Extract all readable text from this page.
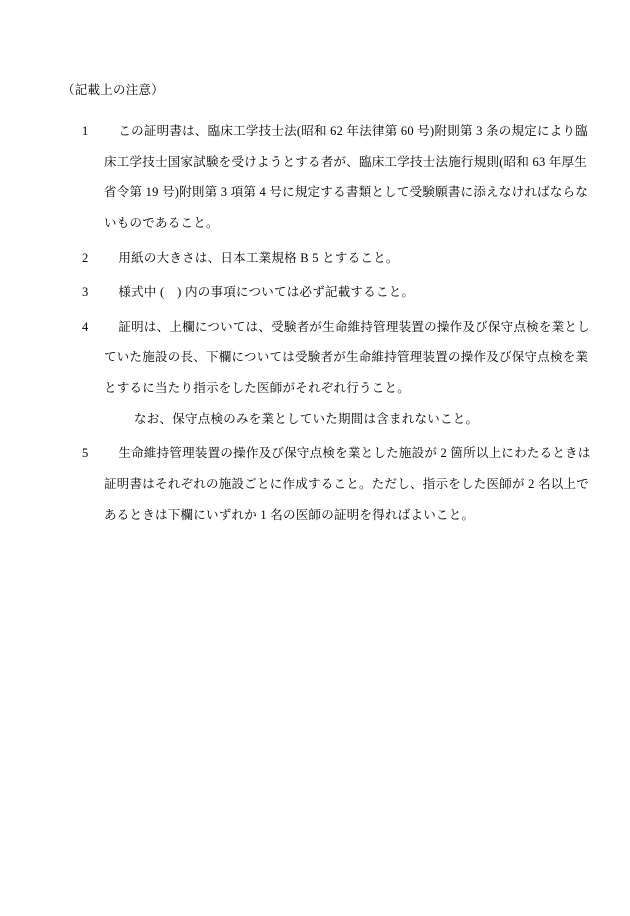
（記載上の注意）
1	この証明書は、臨床工学技士法(昭和 62 年法律第 60 号)附則第 3 条の規定により臨
床工学技士国家試験を受けようとする者が、臨床工学技士法施行規則(昭和 63 年厚生
省令第 19 号)附則第 3 項第 4 号に規定する書類として受験願書に添えなければならな
いものであること。
2	用紙の大きさは、日本工業規格 B 5 とすること。
3	様式中 (　) 内の事項については必ず記載すること。
4	証明は、上欄については、受験者が生命維持管理装置の操作及び保守点検を業とし
ていた施設の長、下欄については受験者が生命維持管理装置の操作及び保守点検を業
とするに当たり指示をした医師がそれぞれ行うこと。
なお、保守点検のみを業としていた期間は含まれないこと。
5	生命維持管理装置の操作及び保守点検を業とした施設が 2 箇所以上にわたるときは
証明書はそれぞれの施設ごとに作成すること。ただし、指示をした医師が 2 名以上で
あるときは下欄にいずれか 1 名の医師の証明を得ればよいこと。
